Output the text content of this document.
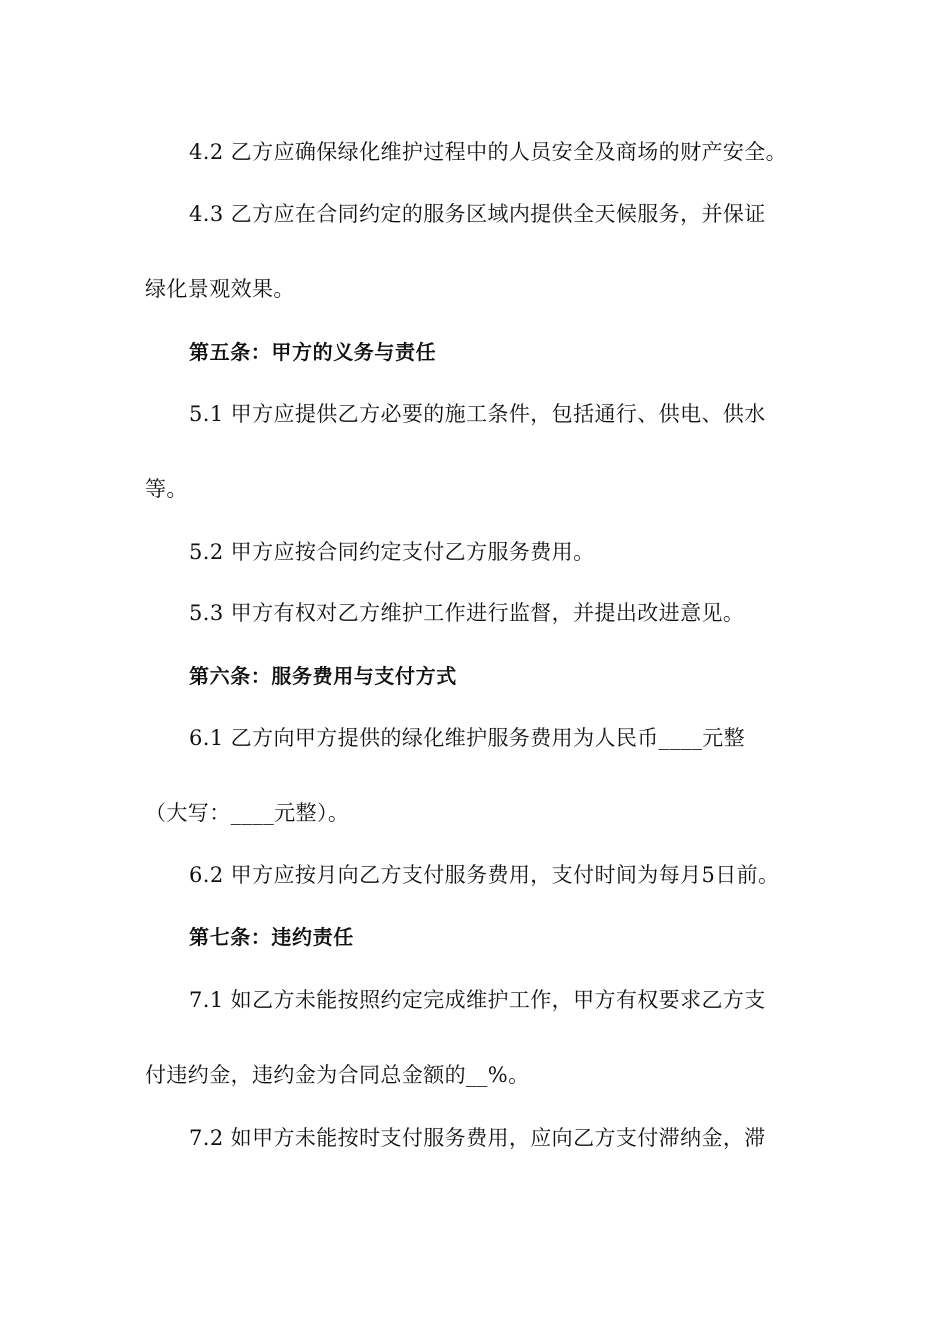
4.2 乙方应确保绿化维护过程中的人员安全及商场的财产安全。
4.3 乙方应在合同约定的服务区域内提供全天候服务，并保证
绿化景观效果。
第五条：甲方的义务与责任
5.1 甲方应提供乙方必要的施工条件，包括通行、供电、供水
等。
5.2 甲方应按合同约定支付乙方服务费用。
5.3 甲方有权对乙方维护工作进行监督，并提出改进意见。
第六条：服务费用与支付方式
6.1 乙方向甲方提供的绿化维护服务费用为人民币____元整
（大写：____元整）。
6.2 甲方应按月向乙方支付服务费用，支付时间为每月5日前。
第七条：违约责任
7.1 如乙方未能按照约定完成维护工作，甲方有权要求乙方支
付违约金，违约金为合同总金额的__%。
7.2 如甲方未能按时支付服务费用，应向乙方支付滞纳金，滞
